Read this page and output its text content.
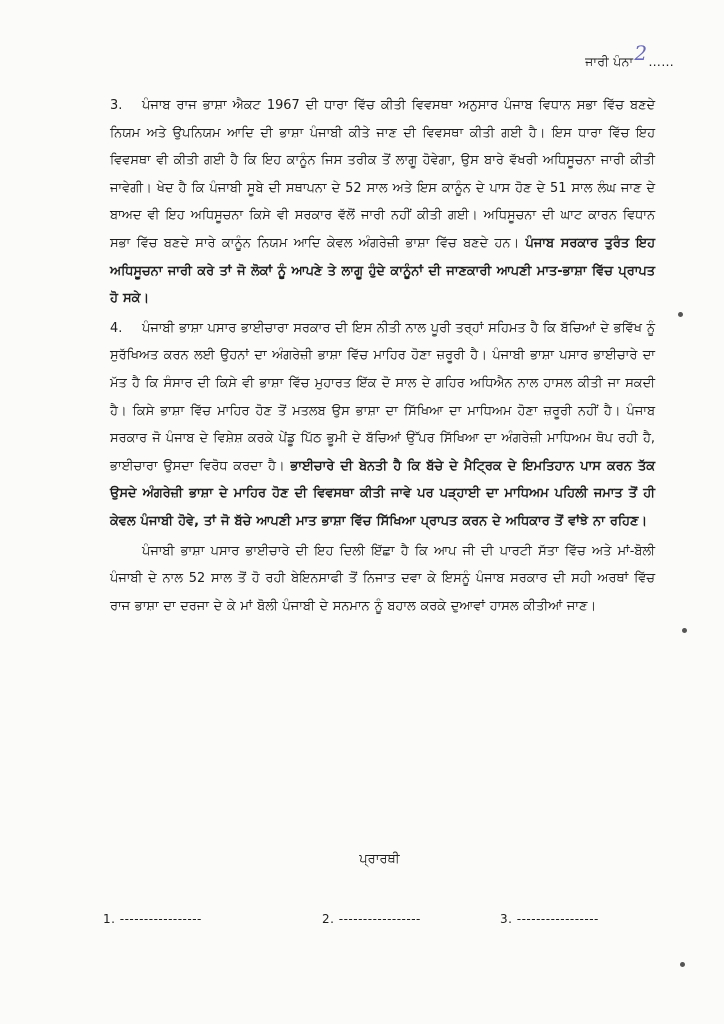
ਜਾਰੀ ਪੰਨਾ2……

3. ਪੰਜਾਬ ਰਾਜ ਭਾਸ਼ਾ ਐਕਟ 1967 ਦੀ ਧਾਰਾ ਵਿੱਚ ਕੀਤੀ ਵਿਵਸਥਾ ਅਨੁਸਾਰ ਪੰਜਾਬ ਵਿਧਾਨ ਸਭਾ ਵਿੱਚ ਬਣਦੇ ਨਿਯਮ ਅਤੇ ਉਪਨਿਯਮ ਆਦਿ ਦੀ ਭਾਸ਼ਾ ਪੰਜਾਬੀ ਕੀਤੇ ਜਾਣ ਦੀ ਵਿਵਸਥਾ ਕੀਤੀ ਗਈ ਹੈ। ਇਸ ਧਾਰਾ ਵਿੱਚ ਇਹ ਵਿਵਸਥਾ ਵੀ ਕੀਤੀ ਗਈ ਹੈ ਕਿ ਇਹ ਕਾਨੂੰਨ ਜਿਸ ਤਰੀਕ ਤੋਂ ਲਾਗੂ ਹੋਵੇਗਾ, ਉਸ ਬਾਰੇ ਵੱਖਰੀ ਅਧਿਸੂਚਨਾ ਜਾਰੀ ਕੀਤੀ ਜਾਵੇਗੀ। ਖੇਦ ਹੈ ਕਿ ਪੰਜਾਬੀ ਸੂਬੇ ਦੀ ਸਥਾਪਨਾ ਦੇ 52 ਸਾਲ ਅਤੇ ਇਸ ਕਾਨੂੰਨ ਦੇ ਪਾਸ ਹੋਣ ਦੇ 51 ਸਾਲ ਲੰਘ ਜਾਣ ਦੇ ਬਾਅਦ ਵੀ ਇਹ ਅਧਿਸੂਚਨਾ ਕਿਸੇ ਵੀ ਸਰਕਾਰ ਵੱਲੋਂ ਜਾਰੀ ਨਹੀਂ ਕੀਤੀ ਗਈ। ਅਧਿਸੂਚਨਾ ਦੀ ਘਾਟ ਕਾਰਨ ਵਿਧਾਨ ਸਭਾ ਵਿੱਚ ਬਣਦੇ ਸਾਰੇ ਕਾਨੂੰਨ ਨਿਯਮ ਆਦਿ ਕੇਵਲ ਅੰਗਰੇਜ਼ੀ ਭਾਸ਼ਾ ਵਿੱਚ ਬਣਦੇ ਹਨ। ਪੰਜਾਬ ਸਰਕਾਰ ਤੁਰੰਤ ਇਹ ਅਧਿਸੂਚਨਾ ਜਾਰੀ ਕਰੇ ਤਾਂ ਜੋ ਲੋਕਾਂ ਨੂੰ ਆਪਣੇ ਤੇ ਲਾਗੂ ਹੁੰਦੇ ਕਾਨੂੰਨਾਂ ਦੀ ਜਾਣਕਾਰੀ ਆਪਣੀ ਮਾਤ-ਭਾਸ਼ਾ ਵਿੱਚ ਪ੍ਰਾਪਤ ਹੋ ਸਕੇ।

4. ਪੰਜਾਬੀ ਭਾਸ਼ਾ ਪਸਾਰ ਭਾਈਚਾਰਾ ਸਰਕਾਰ ਦੀ ਇਸ ਨੀਤੀ ਨਾਲ ਪੂਰੀ ਤਰ੍ਹਾਂ ਸਹਿਮਤ ਹੈ ਕਿ ਬੱਚਿਆਂ ਦੇ ਭਵਿੱਖ ਨੂੰ ਸੁਰੱਖਿਅਤ ਕਰਨ ਲਈ ਉਹਨਾਂ ਦਾ ਅੰਗਰੇਜ਼ੀ ਭਾਸ਼ਾ ਵਿੱਚ ਮਾਹਿਰ ਹੋਣਾ ਜ਼ਰੂਰੀ ਹੈ। ਪੰਜਾਬੀ ਭਾਸ਼ਾ ਪਸਾਰ ਭਾਈਚਾਰੇ ਦਾ ਮੱਤ ਹੈ ਕਿ ਸੰਸਾਰ ਦੀ ਕਿਸੇ ਵੀ ਭਾਸ਼ਾ ਵਿੱਚ ਮੁਹਾਰਤ ਇੱਕ ਦੋ ਸਾਲ ਦੇ ਗਹਿਰ ਅਧਿਐਨ ਨਾਲ ਹਾਸਲ ਕੀਤੀ ਜਾ ਸਕਦੀ ਹੈ। ਕਿਸੇ ਭਾਸ਼ਾ ਵਿੱਚ ਮਾਹਿਰ ਹੋਣ ਤੋਂ ਮਤਲਬ ਉਸ ਭਾਸ਼ਾ ਦਾ ਸਿੱਖਿਆ ਦਾ ਮਾਧਿਅਮ ਹੋਣਾ ਜ਼ਰੂਰੀ ਨਹੀਂ ਹੈ। ਪੰਜਾਬ ਸਰਕਾਰ ਜੋ ਪੰਜਾਬ ਦੇ ਵਿਸ਼ੇਸ਼ ਕਰਕੇ ਪੇਂਡੂ ਪਿੱਠ ਭੂਮੀ ਦੇ ਬੱਚਿਆਂ ਉੱਪਰ ਸਿੱਖਿਆ ਦਾ ਅੰਗਰੇਜ਼ੀ ਮਾਧਿਅਮ ਥੋਪ ਰਹੀ ਹੈ, ਭਾਈਚਾਰਾ ਉਸਦਾ ਵਿਰੋਧ ਕਰਦਾ ਹੈ। ਭਾਈਚਾਰੇ ਦੀ ਬੇਨਤੀ ਹੈ ਕਿ ਬੱਚੇ ਦੇ ਮੈਟ੍ਰਿਕ ਦੇ ਇਮਤਿਹਾਨ ਪਾਸ ਕਰਨ ਤੱਕ ਉਸਦੇ ਅੰਗਰੇਜ਼ੀ ਭਾਸ਼ਾ ਦੇ ਮਾਹਿਰ ਹੋਣ ਦੀ ਵਿਵਸਥਾ ਕੀਤੀ ਜਾਵੇ ਪਰ ਪੜ੍ਹਾਈ ਦਾ ਮਾਧਿਅਮ ਪਹਿਲੀ ਜਮਾਤ ਤੋਂ ਹੀ ਕੇਵਲ ਪੰਜਾਬੀ ਹੋਵੇ, ਤਾਂ ਜੋ ਬੱਚੇ ਆਪਣੀ ਮਾਤ ਭਾਸ਼ਾ ਵਿੱਚ ਸਿੱਖਿਆ ਪ੍ਰਾਪਤ ਕਰਨ ਦੇ ਅਧਿਕਾਰ ਤੋਂ ਵਾਂਝੇ ਨਾ ਰਹਿਣ।

ਪੰਜਾਬੀ ਭਾਸ਼ਾ ਪਸਾਰ ਭਾਈਚਾਰੇ ਦੀ ਇਹ ਦਿਲੀ ਇੱਛਾ ਹੈ ਕਿ ਆਪ ਜੀ ਦੀ ਪਾਰਟੀ ਸੱਤਾ ਵਿੱਚ ਅਤੇ ਮਾਂ-ਬੋਲੀ ਪੰਜਾਬੀ ਦੇ ਨਾਲ 52 ਸਾਲ ਤੋਂ ਹੋ ਰਹੀ ਬੇਇਨਸਾਫੀ ਤੋਂ ਨਿਜਾਤ ਦਵਾ ਕੇ ਇਸਨੂੰ ਪੰਜਾਬ ਸਰਕਾਰ ਦੀ ਸਹੀ ਅਰਥਾਂ ਵਿੱਚ ਰਾਜ ਭਾਸ਼ਾ ਦਾ ਦਰਜਾ ਦੇ ਕੇ ਮਾਂ ਬੋਲੀ ਪੰਜਾਬੀ ਦੇ ਸਨਮਾਨ ਨੂੰ ਬਹਾਲ ਕਰਕੇ ਦੁਆਵਾਂ ਹਾਸਲ ਕੀਤੀਆਂ ਜਾਣ।

ਪ੍ਰਾਰਥੀ
1. -----------------	2. -----------------	3. -----------------
